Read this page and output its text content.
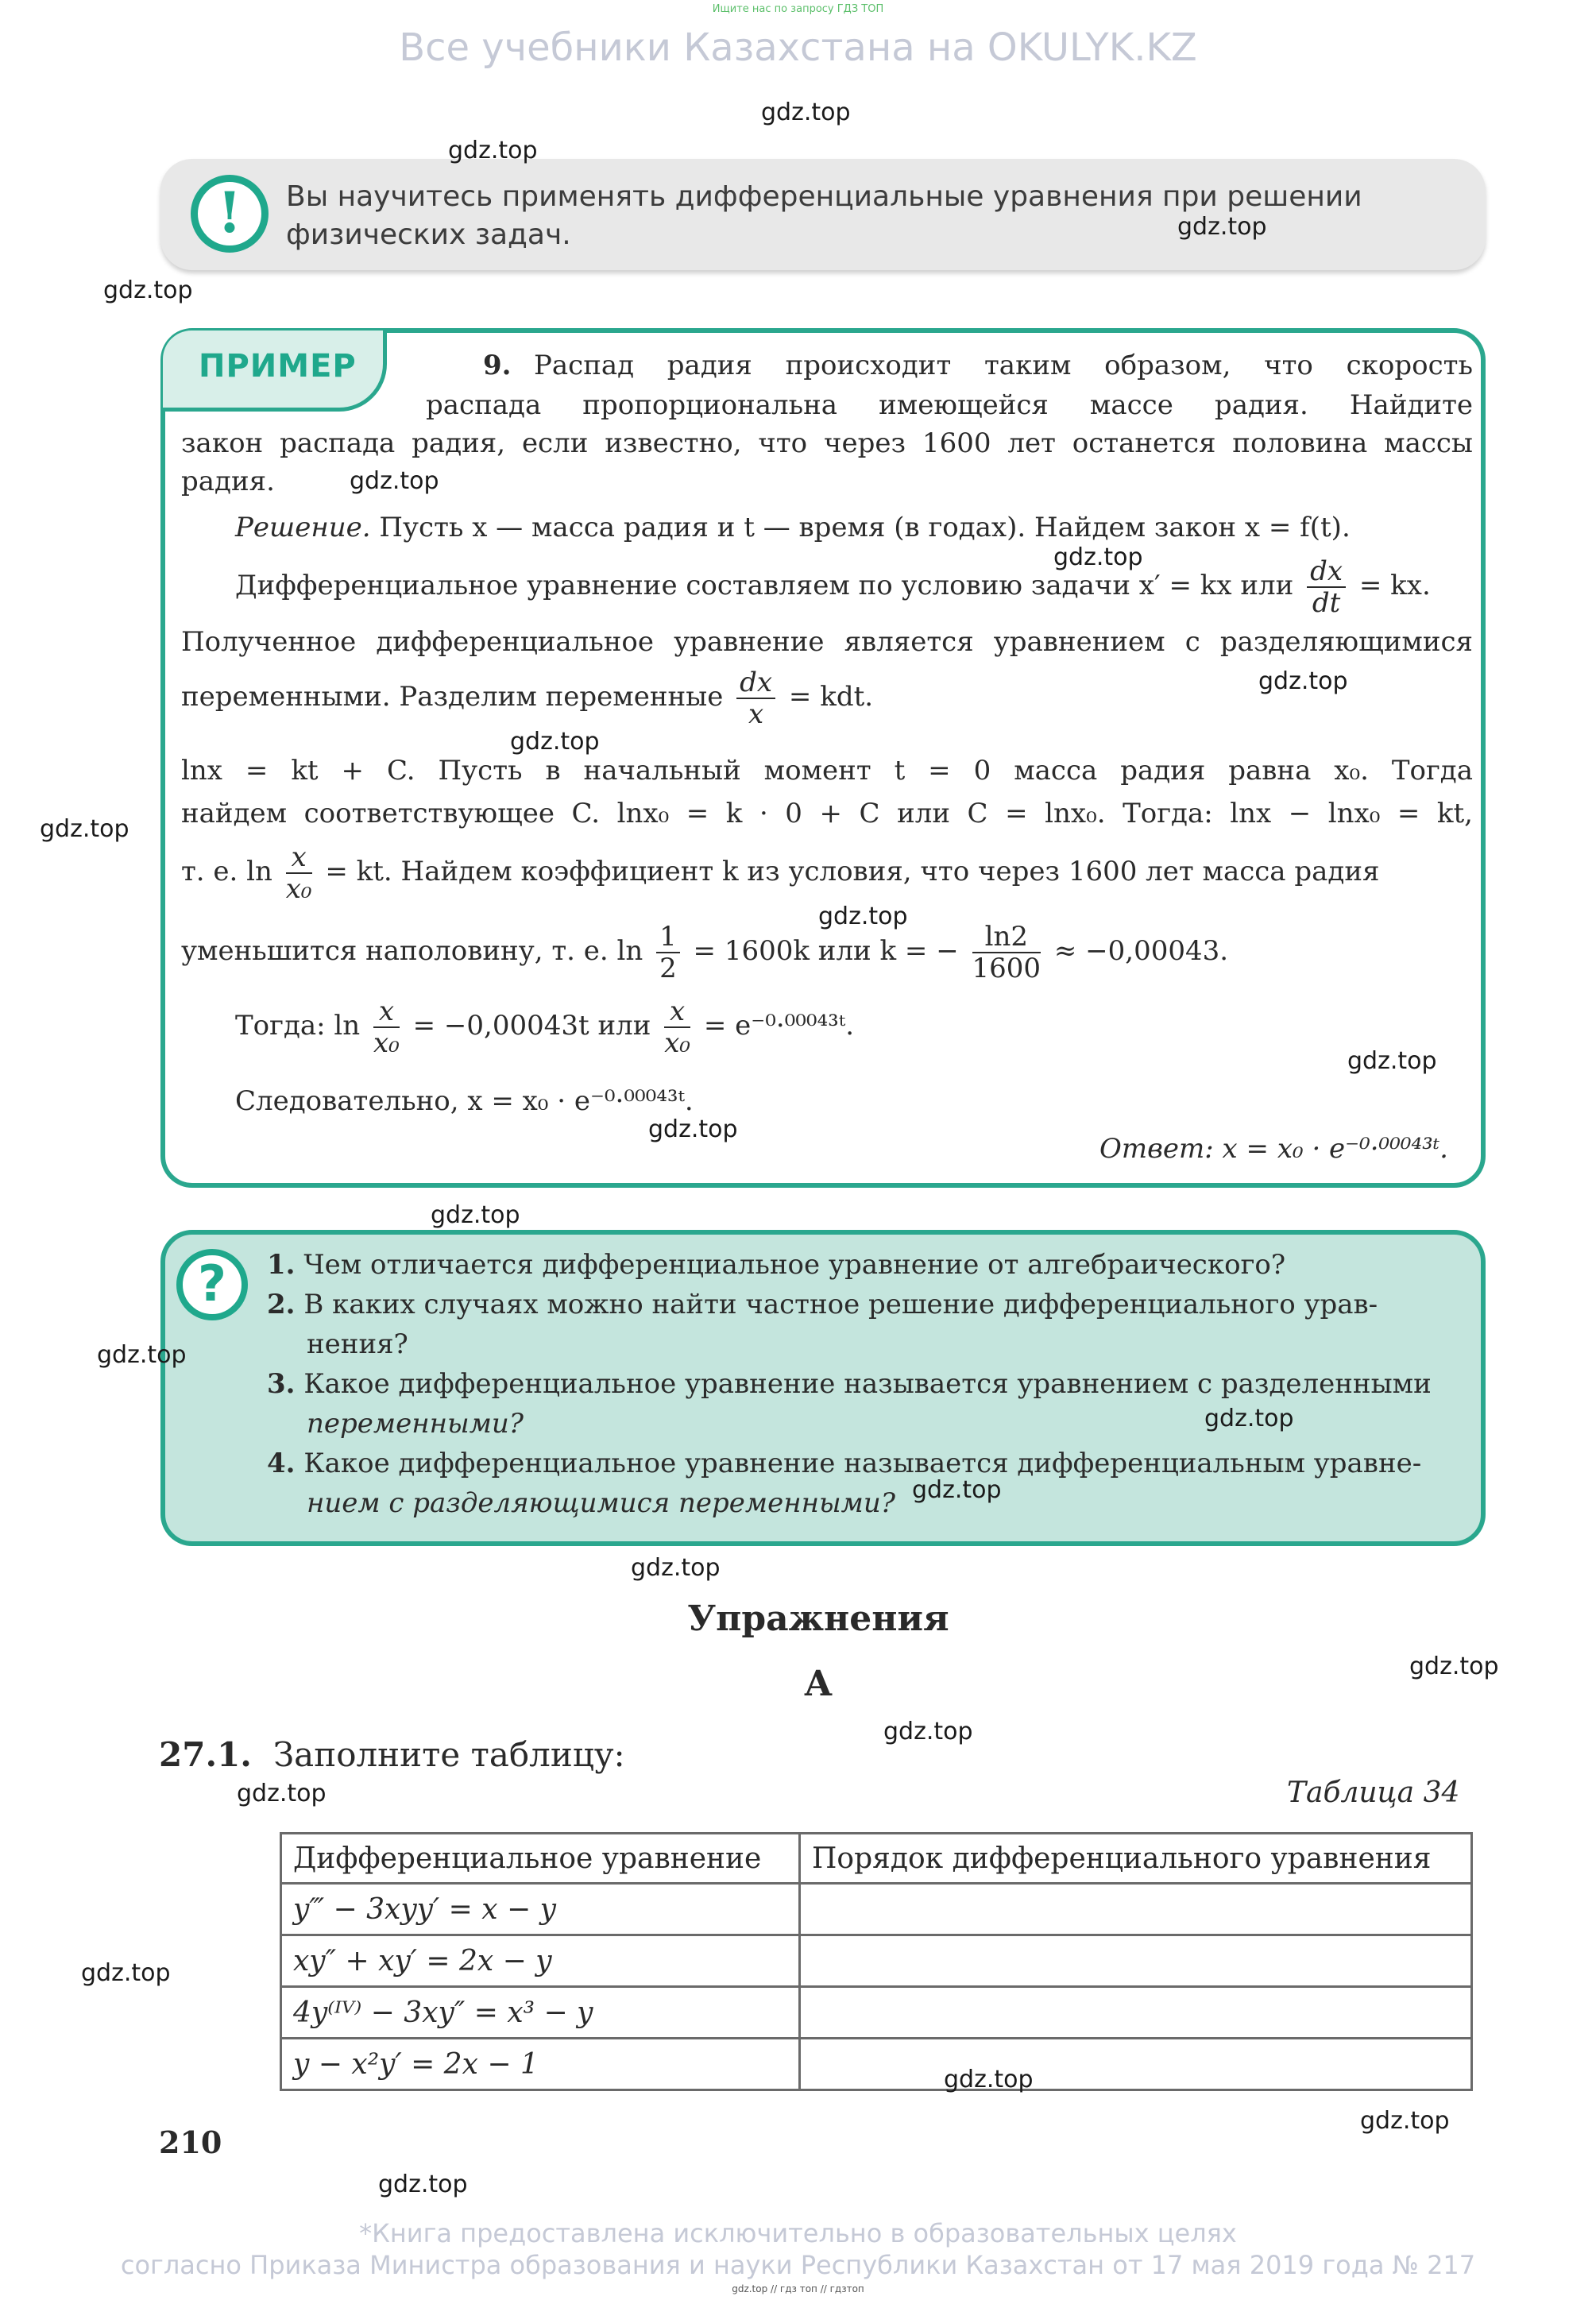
Ищите нас по запросу ГДЗ ТОП
Все учебники Казахстана на OKULYK.KZ
!	Вы научитесь применять дифференциальные уравнения при решении физических задач.
ПРИМЕР	9. Распад радия происходит таким образом, что скорость
распада пропорциональна имеющейся массе радия. Найдите
закон распада радия, если известно, что через 1600 лет останется половина массы
радия.
Решение. Пусть x — масса радия и t — время (в годах). Найдем закон x = f(t).
Дифференциальное уравнение составляем по условию задачи x′ = kx или $\frac{dx}{dt}$ = kx.
Полученное дифференциальное уравнение является уравнением с разделяющимися
переменными. Разделим переменные $\frac{dx}{x}$ = kdt.
lnx = kt + C. Пусть в начальный момент t = 0 масса радия равна x₀. Тогда
найдем соответствующее C. lnx₀ = k · 0 + C или C = lnx₀. Тогда: lnx − lnx₀ = kt,
т. е. $\ln \frac{x}{\text{x₀}}$ = kt. Найдем коэффициент k из условия, что через 1600 лет масса радия
уменьшится наполовину, т. е. $\ln \frac{1}{2} = 1600k$ или k = − $\frac{\ln 2}{1600} \approx -0,00043$.
Тогда: $\ln \frac{x}{\text{x₀}} = -0,00043t$ или $\frac{x}{\text{x₀}}$ = e⁻⁰·⁰⁰⁰⁴³ᵗ.
Следовательно, x = x₀ · e⁻⁰·⁰⁰⁰⁴³ᵗ.
Ответ: x = x₀ · e⁻⁰·⁰⁰⁰⁴³ᵗ.
?	1. Чем отличается дифференциальное уравнение от алгебраического?
2. В каких случаях можно найти частное решение дифференциального урав-
нения?
3. Какое дифференциальное уравнение называется уравнением с разделенными
переменными?
4. Какое дифференциальное уравнение называется дифференциальным уравне-
нием с разделяющимися переменными?
Упражнения
А
27.1. Заполните таблицу:
Таблица 34
Дифференциальное уравнение	Порядок дифференциального уравнения
y‴ − 3xyy′ = x − y	
xy″ + xy′ = 2x − y	
4y⁽ᴵⱽ⁾ − 3xy″ = x³ − y	
y − x²y′ = 2x − 1	
210
*Книга предоставлена исключительно в образовательных целях
согласно Приказа Министра образования и науки Республики Казахстан от 17 мая 2019 года № 217
gdz.top // гдз топ // гдзтоп
gdz.top
gdz.top
gdz.top
gdz.top
gdz.top
gdz.top
gdz.top
gdz.top
gdz.top
gdz.top
gdz.top
gdz.top
gdz.top
gdz.top
gdz.top
gdz.top
gdz.top
gdz.top
gdz.top
gdz.top
gdz.top
gdz.top
gdz.top
gdz.top
